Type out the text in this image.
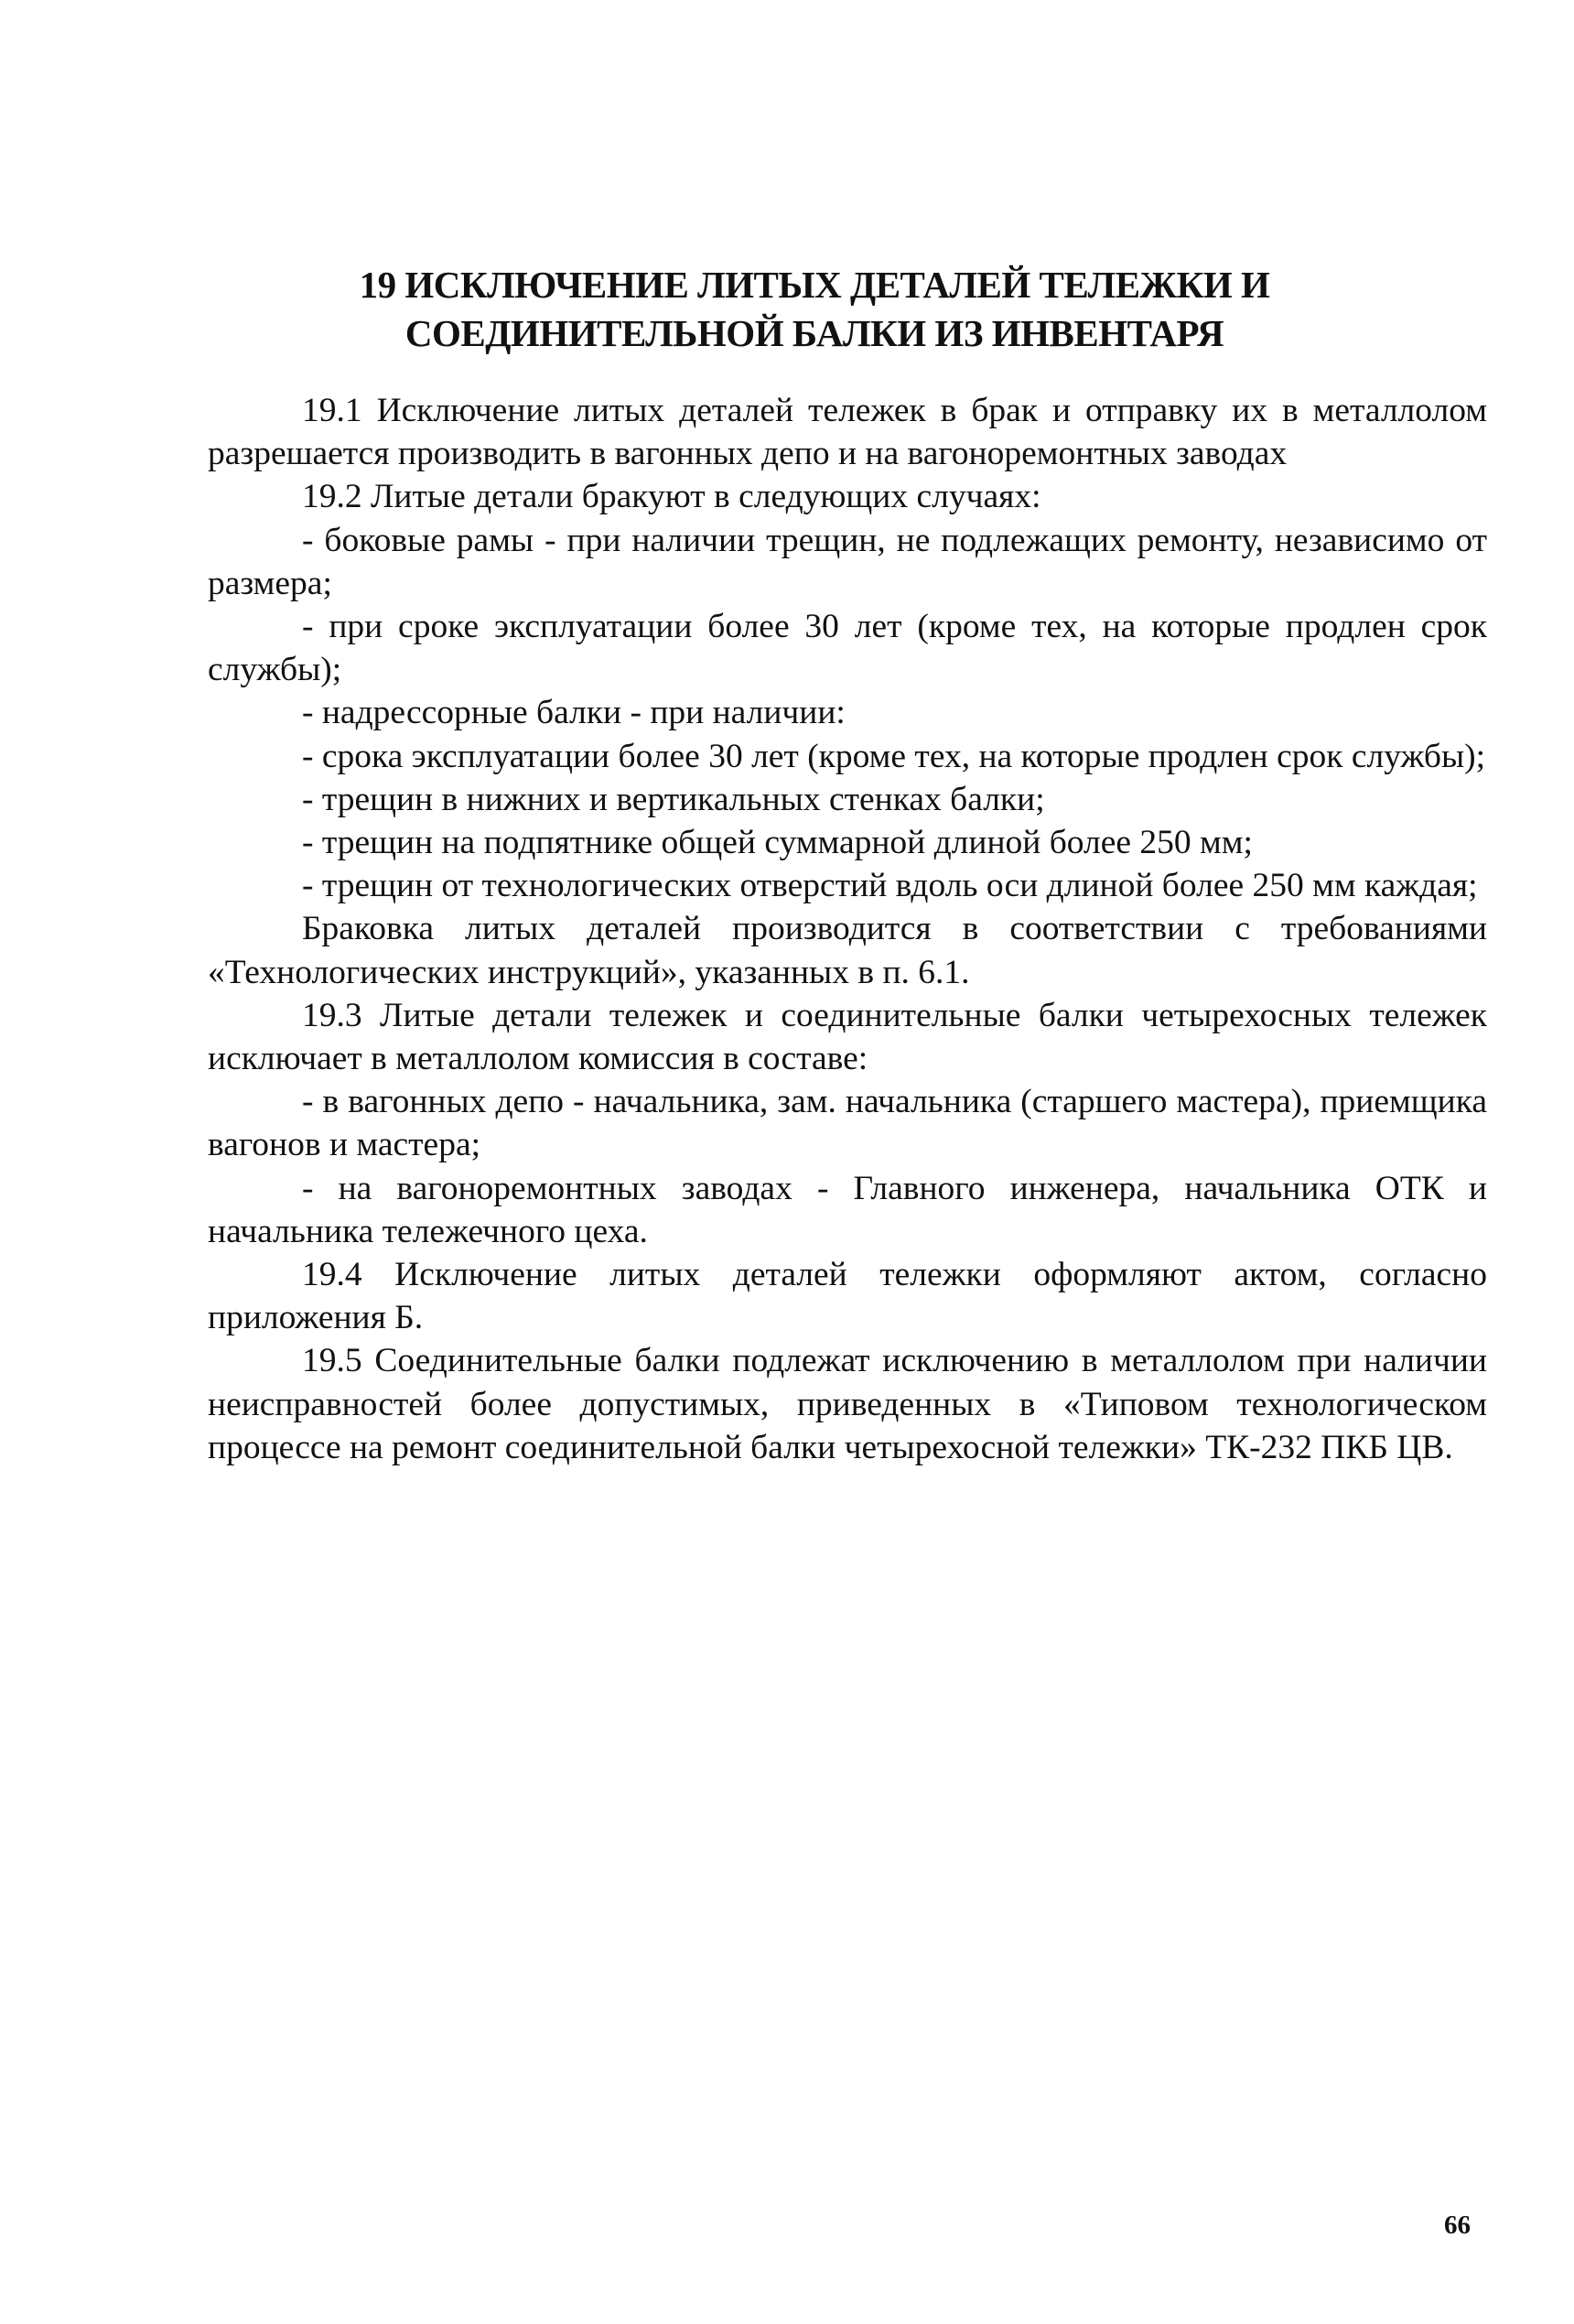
19 ИСКЛЮЧЕНИЕ ЛИТЫХ ДЕТАЛЕЙ ТЕЛЕЖКИ И
СОЕДИНИТЕЛЬНОЙ БАЛКИ ИЗ ИНВЕНТАРЯ

19.1 Исключение литых деталей тележек в брак и отправку их в металлолом разрешается производить в вагонных депо и на вагоноремонтных заводах

19.2 Литые детали бракуют в следующих случаях:

- боковые рамы - при наличии трещин, не подлежащих ремонту, независимо от размера;

- при сроке эксплуатации более 30 лет (кроме тех, на которые продлен срок службы);

- надрессорные балки - при наличии:

- срока эксплуатации более 30 лет (кроме тех, на которые продлен срок службы);

- трещин в нижних и вертикальных стенках балки;

- трещин на подпятнике общей суммарной длиной более 250 мм;

- трещин от технологических отверстий вдоль оси длиной более 250 мм каждая;

Браковка литых деталей производится в соответствии с требованиями «Технологических инструкций», указанных в п. 6.1.

19.3 Литые детали тележек и соединительные балки четырехосных тележек исключает в металлолом комиссия в составе:

- в вагонных депо - начальника, зам. начальника (старшего мастера), приемщика вагонов и мастера;

- на вагоноремонтных заводах - Главного инженера, начальника ОТК и начальника тележечного цеха.

19.4 Исключение литых деталей тележки оформляют актом, согласно приложения Б.

19.5 Соединительные балки подлежат исключению в металлолом при наличии неисправностей более допустимых, приведенных в «Типовом технологическом процессе на ремонт соединительной балки четырехосной тележки» ТК-232 ПКБ ЦВ.

66
